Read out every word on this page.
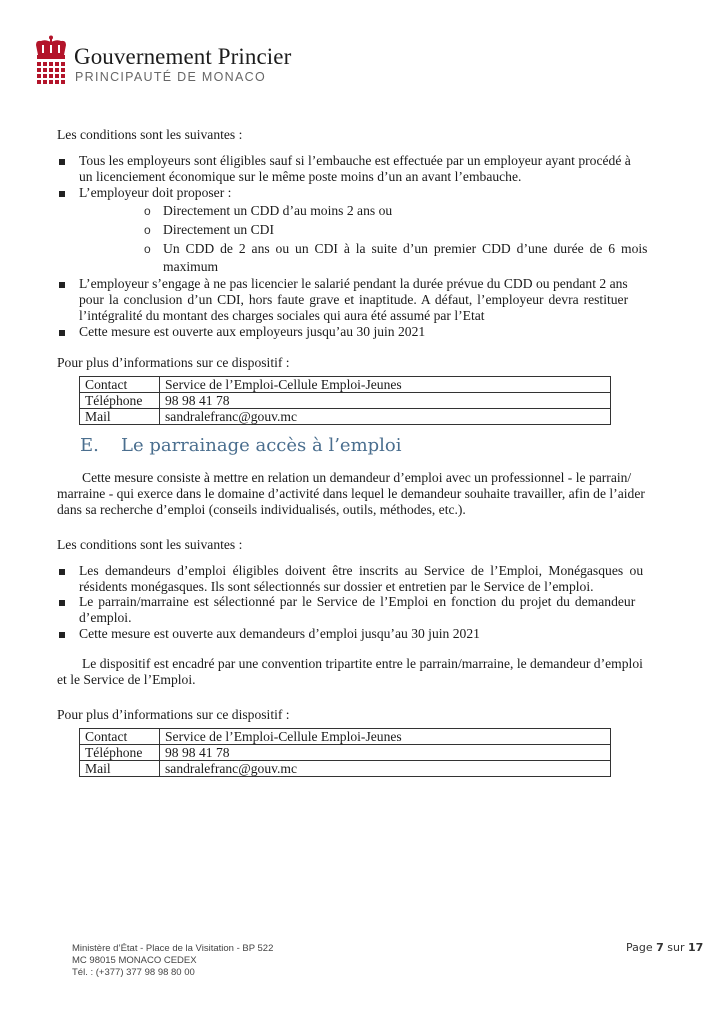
Gouvernement Princier
PRINCIPAUTÉ DE MONACO
Les conditions sont les suivantes :
Tous les employeurs sont éligibles sauf si l’embauche est effectuée par un employeur ayant procédé à
un licenciement économique sur le même poste moins d’un an avant l’embauche.
L’employeur doit proposer :
o Directement un CDD d’au moins 2 ans ou
o Directement un CDI
o Un CDD de 2 ans ou un CDI à la suite d’un premier CDD d’une durée de 6 mois
maximum
L’employeur s’engage à ne pas licencier le salarié pendant la durée prévue du CDD ou pendant 2 ans
pour la conclusion d’un CDI, hors faute grave et inaptitude. A défaut, l’employeur devra restituer
l’intégralité du montant des charges sociales qui aura été assumé par l’Etat
Cette mesure est ouverte aux employeurs jusqu’au 30 juin 2021
Pour plus d’informations sur ce dispositif :
Contact	Service de l’Emploi-Cellule Emploi-Jeunes
Téléphone	98 98 41 78
Mail	sandralefranc@gouv.mc
E. Le parrainage accès à l’emploi
Cette mesure consiste à mettre en relation un demandeur d’emploi avec un professionnel - le parrain/
marraine - qui exerce dans le domaine d’activité dans lequel le demandeur souhaite travailler, afin de l’aider
dans sa recherche d’emploi (conseils individualisés, outils, méthodes, etc.).
Les conditions sont les suivantes :
Les demandeurs d’emploi éligibles doivent être inscrits au Service de l’Emploi, Monégasques ou
résidents monégasques. Ils sont sélectionnés sur dossier et entretien par le Service de l’emploi.
Le parrain/marraine est sélectionné par le Service de l’Emploi en fonction du projet du demandeur
d’emploi.
Cette mesure est ouverte aux demandeurs d’emploi jusqu’au 30 juin 2021
Le dispositif est encadré par une convention tripartite entre le parrain/marraine, le demandeur d’emploi
et le Service de l’Emploi.
Pour plus d’informations sur ce dispositif :
Contact	Service de l’Emploi-Cellule Emploi-Jeunes
Téléphone	98 98 41 78
Mail	sandralefranc@gouv.mc
Ministère d’État - Place de la Visitation - BP 522
MC 98015 MONACO CEDEX
Tél. : (+377) 377 98 98 80 00
Page 7 sur 17
